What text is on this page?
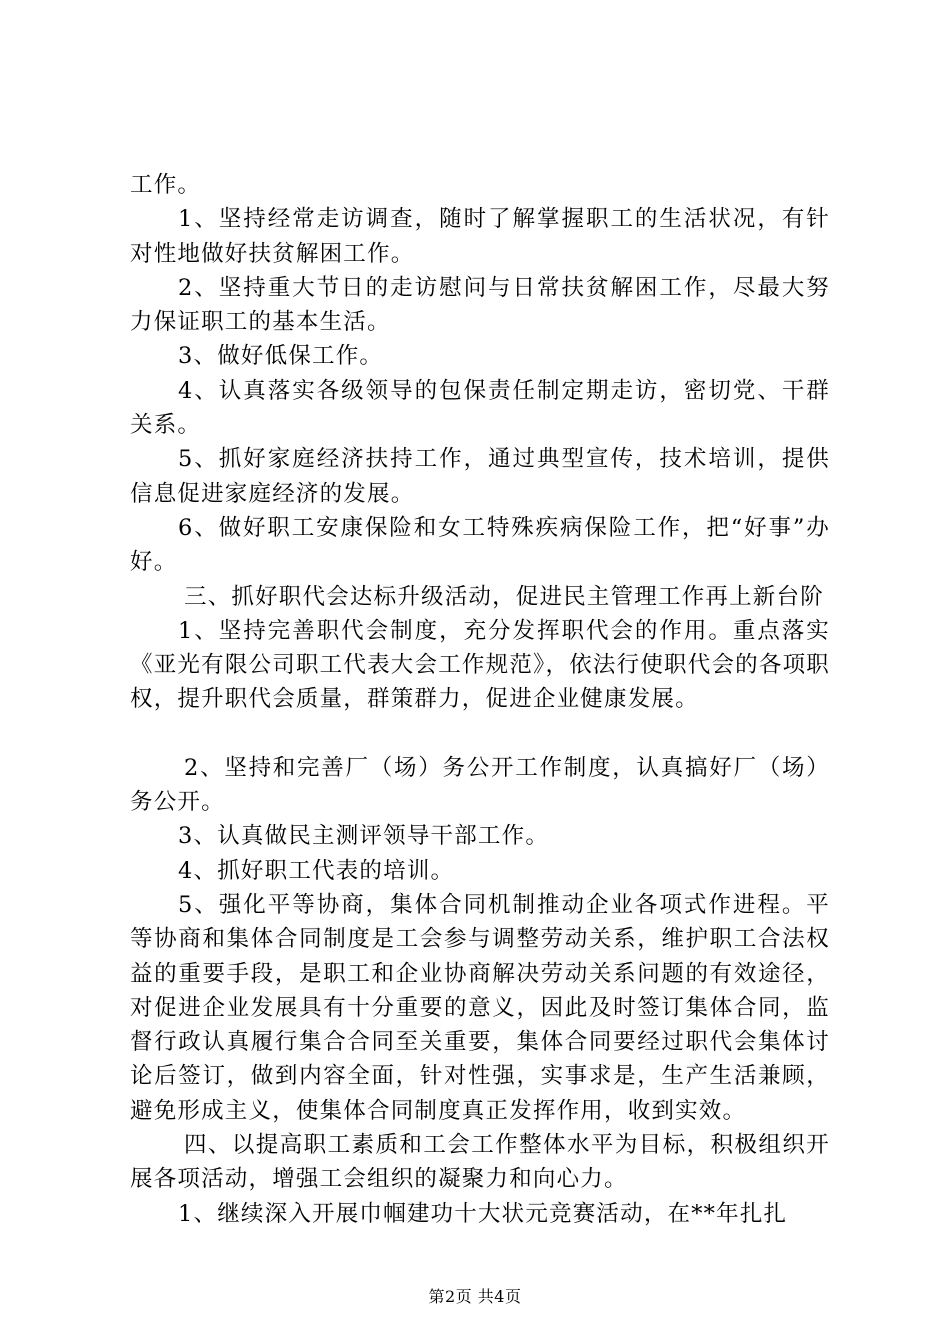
工作。

1、坚持经常走访调查，随时了解掌握职工的生活状况，有针对性地做好扶贫解困工作。

2、坚持重大节日的走访慰问与日常扶贫解困工作，尽最大努力保证职工的基本生活。

3、做好低保工作。

4、认真落实各级领导的包保责任制定期走访，密切党、干群关系。

5、抓好家庭经济扶持工作，通过典型宣传，技术培训，提供信息促进家庭经济的发展。

6、做好职工安康保险和女工特殊疾病保险工作，把“好事”办好。

三、抓好职代会达标升级活动，促进民主管理工作再上新台阶

1、坚持完善职代会制度，充分发挥职代会的作用。重点落实《亚光有限公司职工代表大会工作规范》，依法行使职代会的各项职权，提升职代会质量，群策群力，促进企业健康发展。

2、坚持和完善厂（场）务公开工作制度，认真搞好厂（场）务公开。

3、认真做民主测评领导干部工作。

4、抓好职工代表的培训。

5、强化平等协商，集体合同机制推动企业各项式作进程。平等协商和集体合同制度是工会参与调整劳动关系，维护职工合法权益的重要手段，是职工和企业协商解决劳动关系问题的有效途径，对促进企业发展具有十分重要的意义，因此及时签订集体合同，监督行政认真履行集合合同至关重要，集体合同要经过职代会集体讨论后签订，做到内容全面，针对性强，实事求是，生产生活兼顾，避免形成主义，使集体合同制度真正发挥作用，收到实效。

四、以提高职工素质和工会工作整体水平为目标，积极组织开展各项活动，增强工会组织的凝聚力和向心力。

1、继续深入开展巾帼建功十大状元竞赛活动，在**年扎扎

第2页 共4页
